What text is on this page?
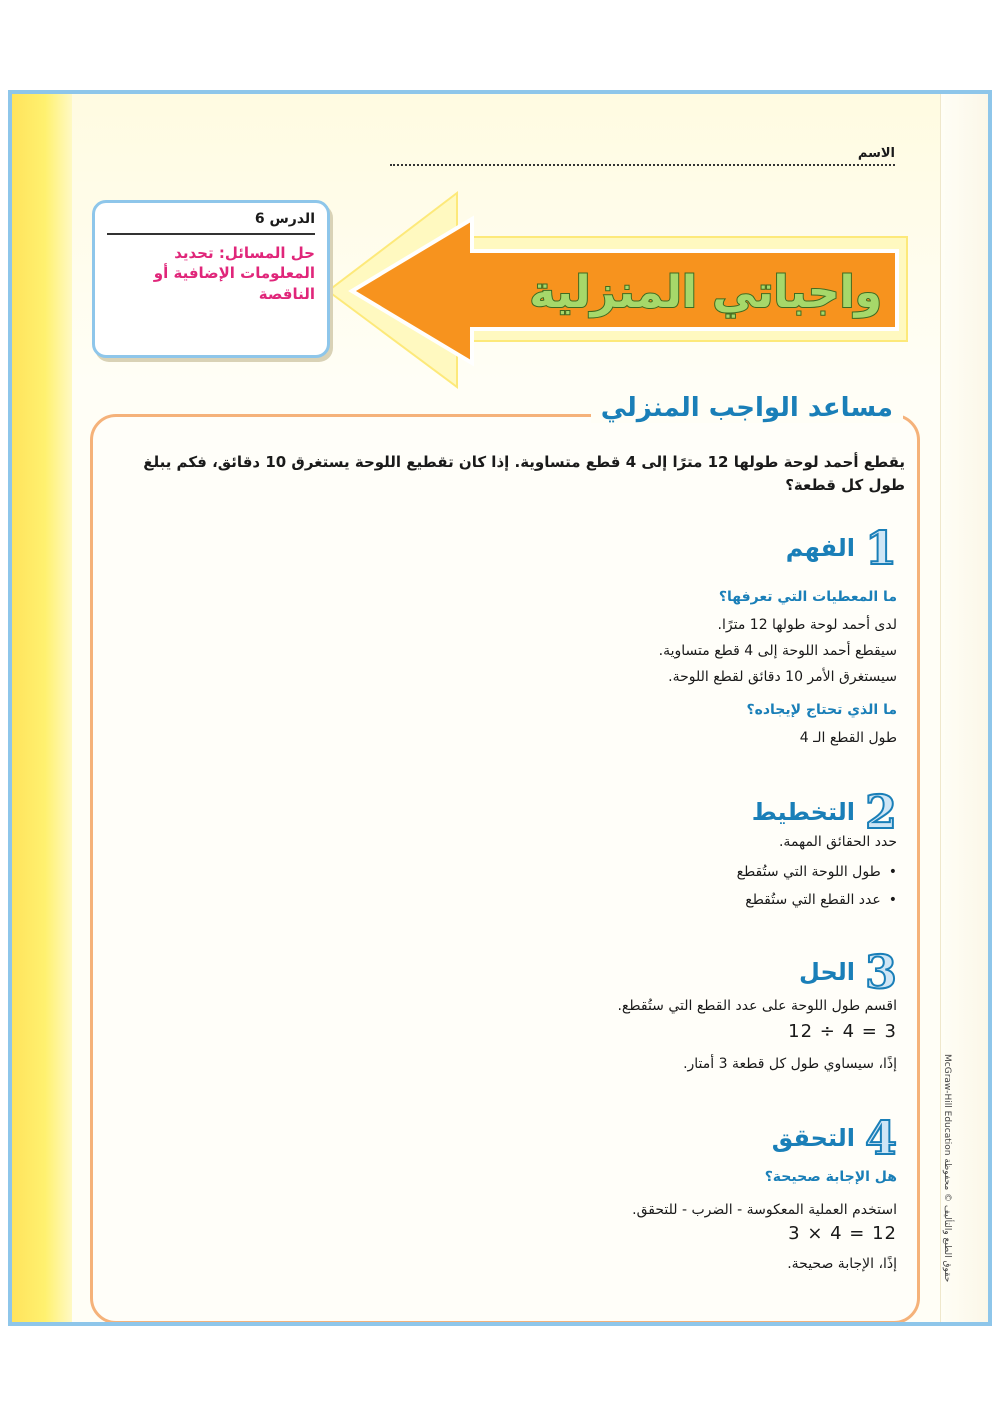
الاسم
واجباتي المنزلية
الدرس 6
حل المسائل: تحديد المعلومات الإضافية أو الناقصة
مساعد الواجب المنزلي
يقطع أحمد لوحة طولها 12 مترًا إلى 4 قطع متساوية. إذا كان تقطيع اللوحة يستغرق 10 دقائق، فكم يبلغ طول كل قطعة؟
1
الفهم
ما المعطيات التي تعرفها؟
لدى أحمد لوحة طولها 12 مترًا.
سيقطع أحمد اللوحة إلى 4 قطع متساوية.
سيستغرق الأمر 10 دقائق لقطع اللوحة.
ما الذي تحتاج لإيجاده؟
طول القطع الـ 4
2
التخطيط
حدد الحقائق المهمة.
• طول اللوحة التي ستُقطع
• عدد القطع التي ستُقطع
3
الحل
اقسم طول اللوحة على عدد القطع التي ستُقطع.
12 ÷ 4 = 3
إذًا، سيساوي طول كل قطعة 3 أمتار.
4
التحقق
هل الإجابة صحيحة؟
استخدم العملية المعكوسة - الضرب - للتحقق.
3 × 4 = 12
إذًا، الإجابة صحيحة.
McGraw-Hill Education حقوق الطبع والتأليف © محفوظة
